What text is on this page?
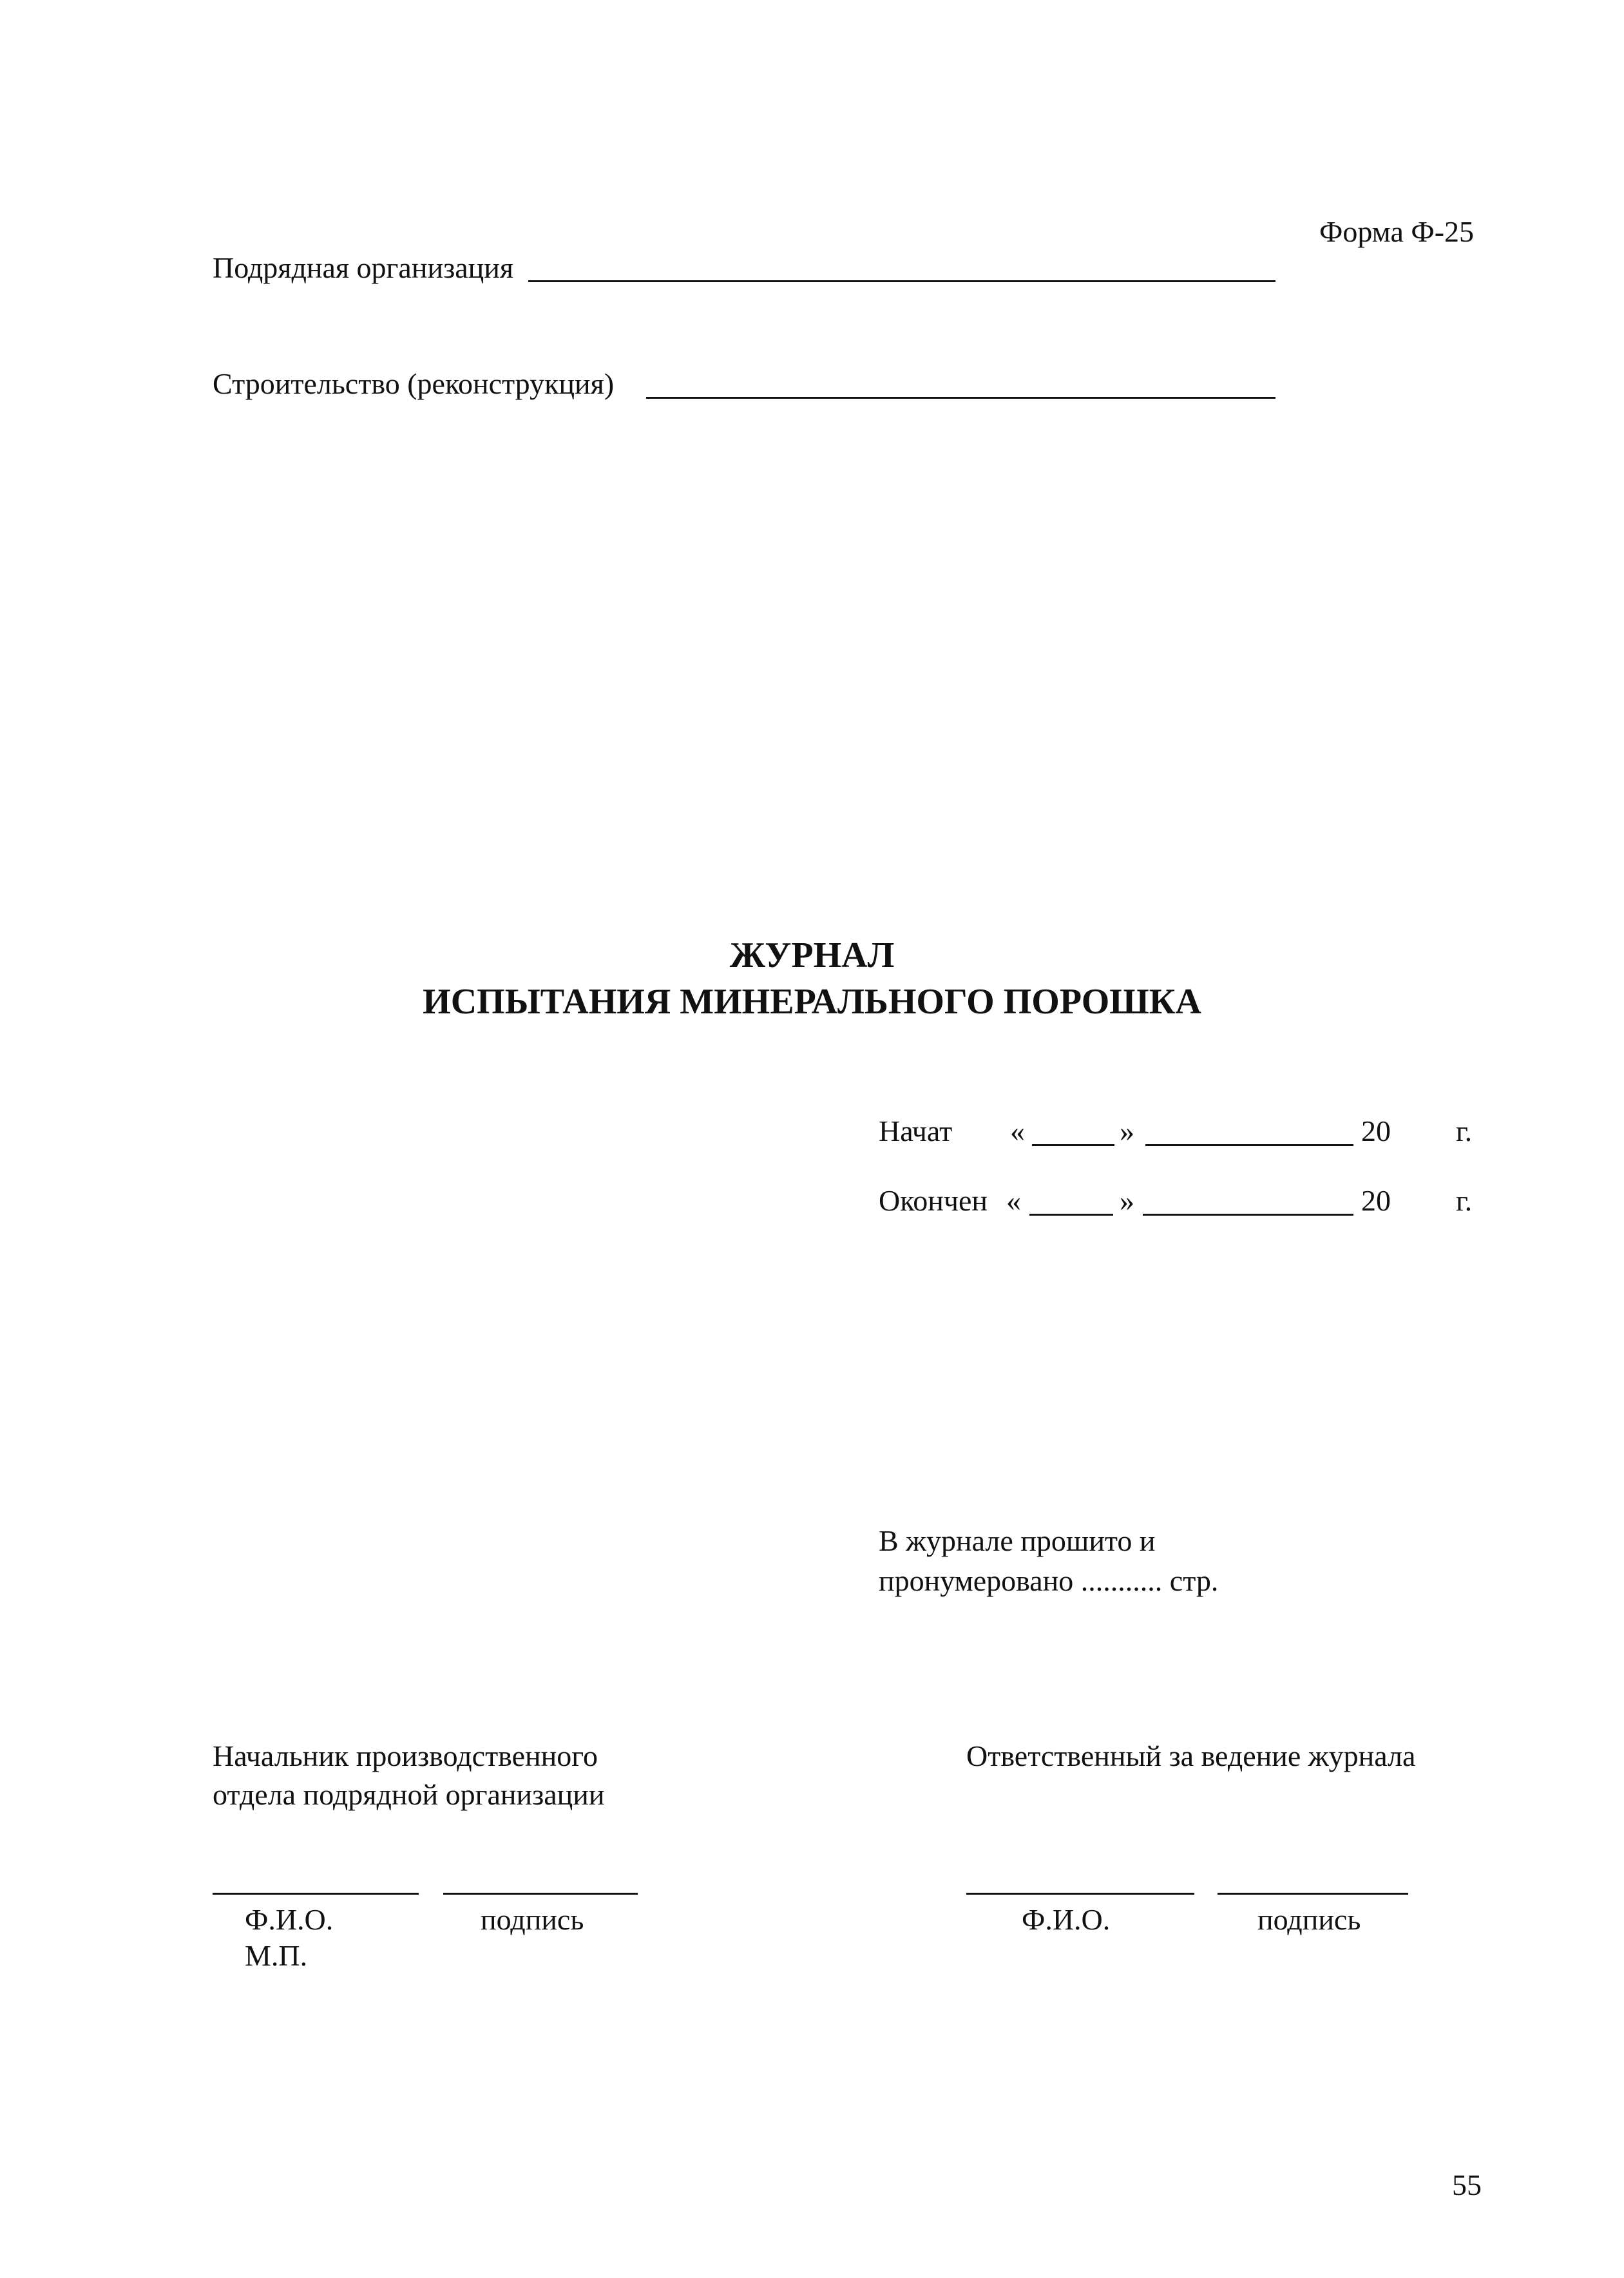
Форма Ф-25
Подрядная организация
Строительство (реконструкция)
ЖУРНАЛ
ИСПЫТАНИЯ МИНЕРАЛЬНОГО ПОРОШКА
Начат «	»	20 г.
Окончен «	»	20 г.
В журнале прошито и
пронумеровано ........... стр.
Начальник производственного
отдела подрядной организации
Ф.И.О.	подпись
М.П.
Ответственный за ведение журнала
Ф.И.О.	подпись
55
